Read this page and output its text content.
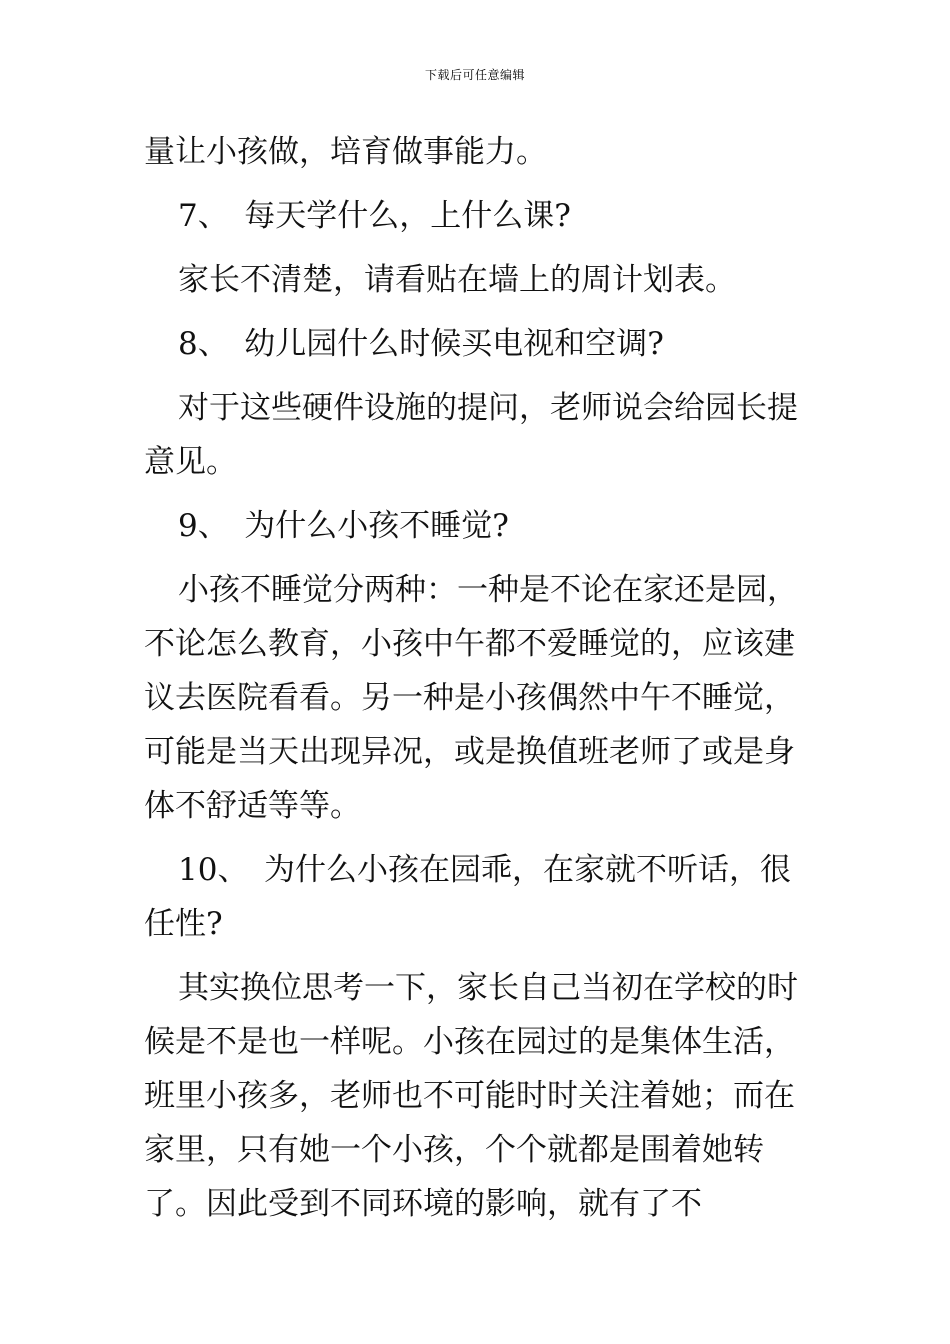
下载后可任意编辑

量让小孩做，培育做事能力。

7、　每天学什么，上什么课?

家长不清楚，请看贴在墙上的周计划表。

8、　幼儿园什么时候买电视和空调?

对于这些硬件设施的提问，老师说会给园长提意见。

9、　为什么小孩不睡觉?

小孩不睡觉分两种：一种是不论在家还是园，不论怎么教育，小孩中午都不爱睡觉的，应该建议去医院看看。另一种是小孩偶然中午不睡觉，可能是当天出现异况，或是换值班老师了或是身体不舒适等等。

10、　为什么小孩在园乖，在家就不听话，很任性?

其实换位思考一下，家长自己当初在学校的时候是不是也一样呢。小孩在园过的是集体生活，班里小孩多，老师也不可能时时关注着她；而在家里，只有她一个小孩，个个就都是围着她转了。因此受到不同环境的影响，就有了不
